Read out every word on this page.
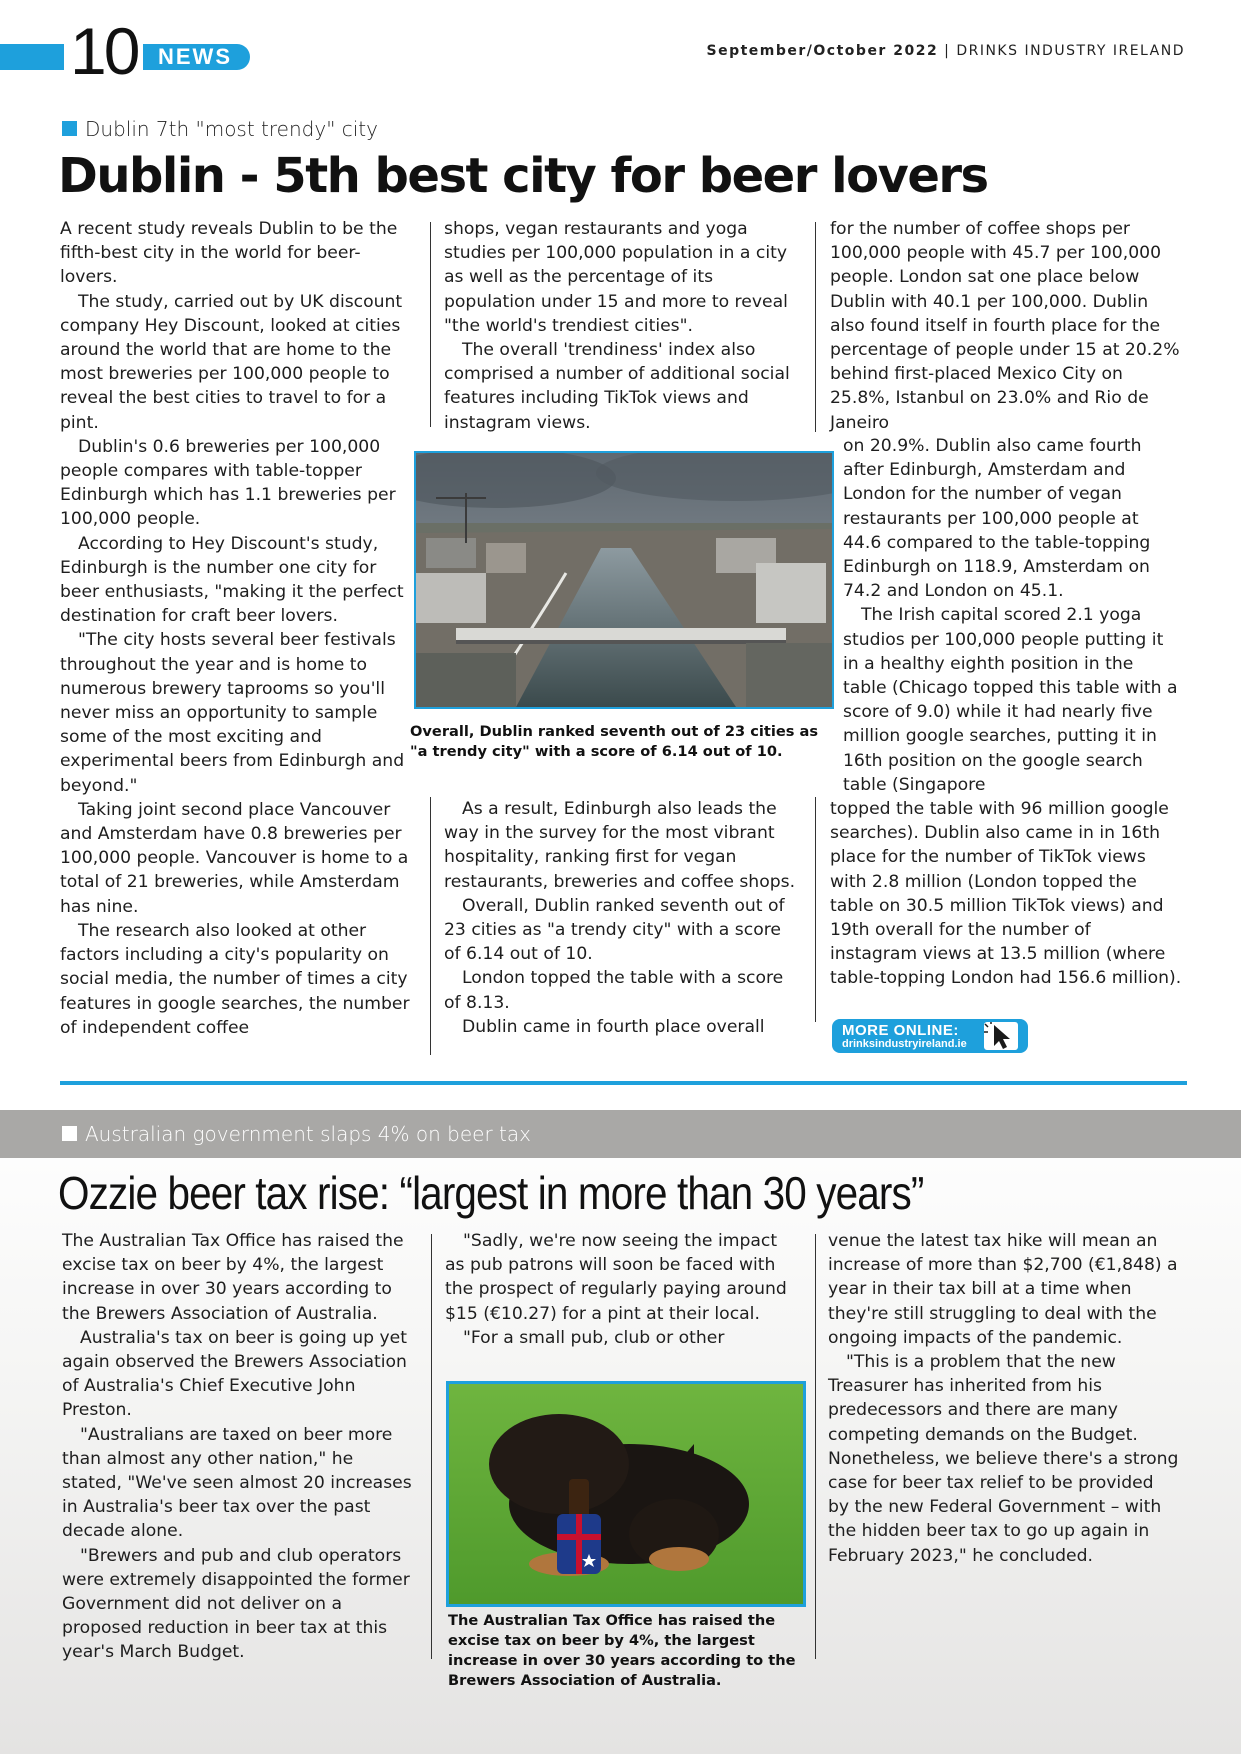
10 NEWS	September/October 2022 | DRINKS INDUSTRY IRELAND
Dublin 7th "most trendy" city
Dublin - 5th best city for beer lovers

A recent study reveals Dublin to be the fifth-best city in the world for beer-lovers.

The study, carried out by UK discount company Hey Discount, looked at cities around the world that are home to the most breweries per 100,000 people to reveal the best cities to travel to for a pint.

Dublin's 0.6 breweries per 100,000 people compares with table-topper Edinburgh which has 1.1 breweries per 100,000 people.

According to Hey Discount's study, Edinburgh is the number one city for beer enthusiasts, "making it the perfect destination for craft beer lovers.

"The city hosts several beer festivals throughout the year and is home to numerous brewery taprooms so you'll never miss an opportunity to sample some of the most exciting and experimental beers from Edinburgh and beyond."

Taking joint second place Vancouver and Amsterdam have 0.8 breweries per 100,000 people. Vancouver is home to a total of 21 breweries, while Amsterdam has nine.

The research also looked at other factors including a city's popularity on social media, the number of times a city features in google searches, the number of independent coffee

shops, vegan restaurants and yoga studies per 100,000 population in a city as well as the percentage of its population under 15 and more to reveal "the world's trendiest cities".

The overall 'trendiness' index also comprised a number of additional social features including TikTok views and instagram views.

Overall, Dublin ranked seventh out of 23 cities as "a trendy city" with a score of 6.14 out of 10.

As a result, Edinburgh also leads the way in the survey for the most vibrant hospitality, ranking first for vegan restaurants, breweries and coffee shops.

Overall, Dublin ranked seventh out of 23 cities as "a trendy city" with a score of 6.14 out of 10.

London topped the table with a score of 8.13.

Dublin came in fourth place overall

for the number of coffee shops per 100,000 people with 45.7 per 100,000 people. London sat one place below Dublin with 40.1 per 100,000. Dublin also found itself in fourth place for the percentage of people under 15 at 20.2% behind first-placed Mexico City on 25.8%, Istanbul on 23.0% and Rio de Janeiro

on 20.9%. Dublin also came fourth after Edinburgh, Amsterdam and London for the number of vegan restaurants per 100,000 people at 44.6 compared to the table-topping Edinburgh on 118.9, Amsterdam on 74.2 and London on 45.1.

The Irish capital scored 2.1 yoga studios per 100,000 people putting it in a healthy eighth position in the table (Chicago topped this table with a score of 9.0) while it had nearly five million google searches, putting it in 16th position on the google search table (Singapore

topped the table with 96 million google searches). Dublin also came in in 16th place for the number of TikTok views with 2.8 million (London topped the table on 30.5 million TikTok views) and 19th overall for the number of instagram views at 13.5 million (where table-topping London had 156.6 million).

MORE ONLINE:
drinksindustryireland.ie
Australian government slaps 4% on beer tax
Ozzie beer tax rise: “largest in more than 30 years”

The Australian Tax Office has raised the excise tax on beer by 4%, the largest increase in over 30 years according to the Brewers Association of Australia.

Australia's tax on beer is going up yet again observed the Brewers Association of Australia's Chief Executive John Preston.

"Australians are taxed on beer more than almost any other nation," he stated, "We've seen almost 20 increases in Australia's beer tax over the past decade alone.

"Brewers and pub and club operators were extremely disappointed the former Government did not deliver on a proposed reduction in beer tax at this year's March Budget.

"Sadly, we're now seeing the impact as pub patrons will soon be faced with the prospect of regularly paying around $15 (€10.27) for a pint at their local.

"For a small pub, club or other

The Australian Tax Office has raised the excise tax on beer by 4%, the largest increase in over 30 years according to the Brewers Association of Australia.

venue the latest tax hike will mean an increase of more than $2,700 (€1,848) a year in their tax bill at a time when they're still struggling to deal with the ongoing impacts of the pandemic.

"This is a problem that the new Treasurer has inherited from his predecessors and there are many competing demands on the Budget. Nonetheless, we believe there's a strong case for beer tax relief to be provided by the new Federal Government – with the hidden beer tax to go up again in February 2023," he concluded.
